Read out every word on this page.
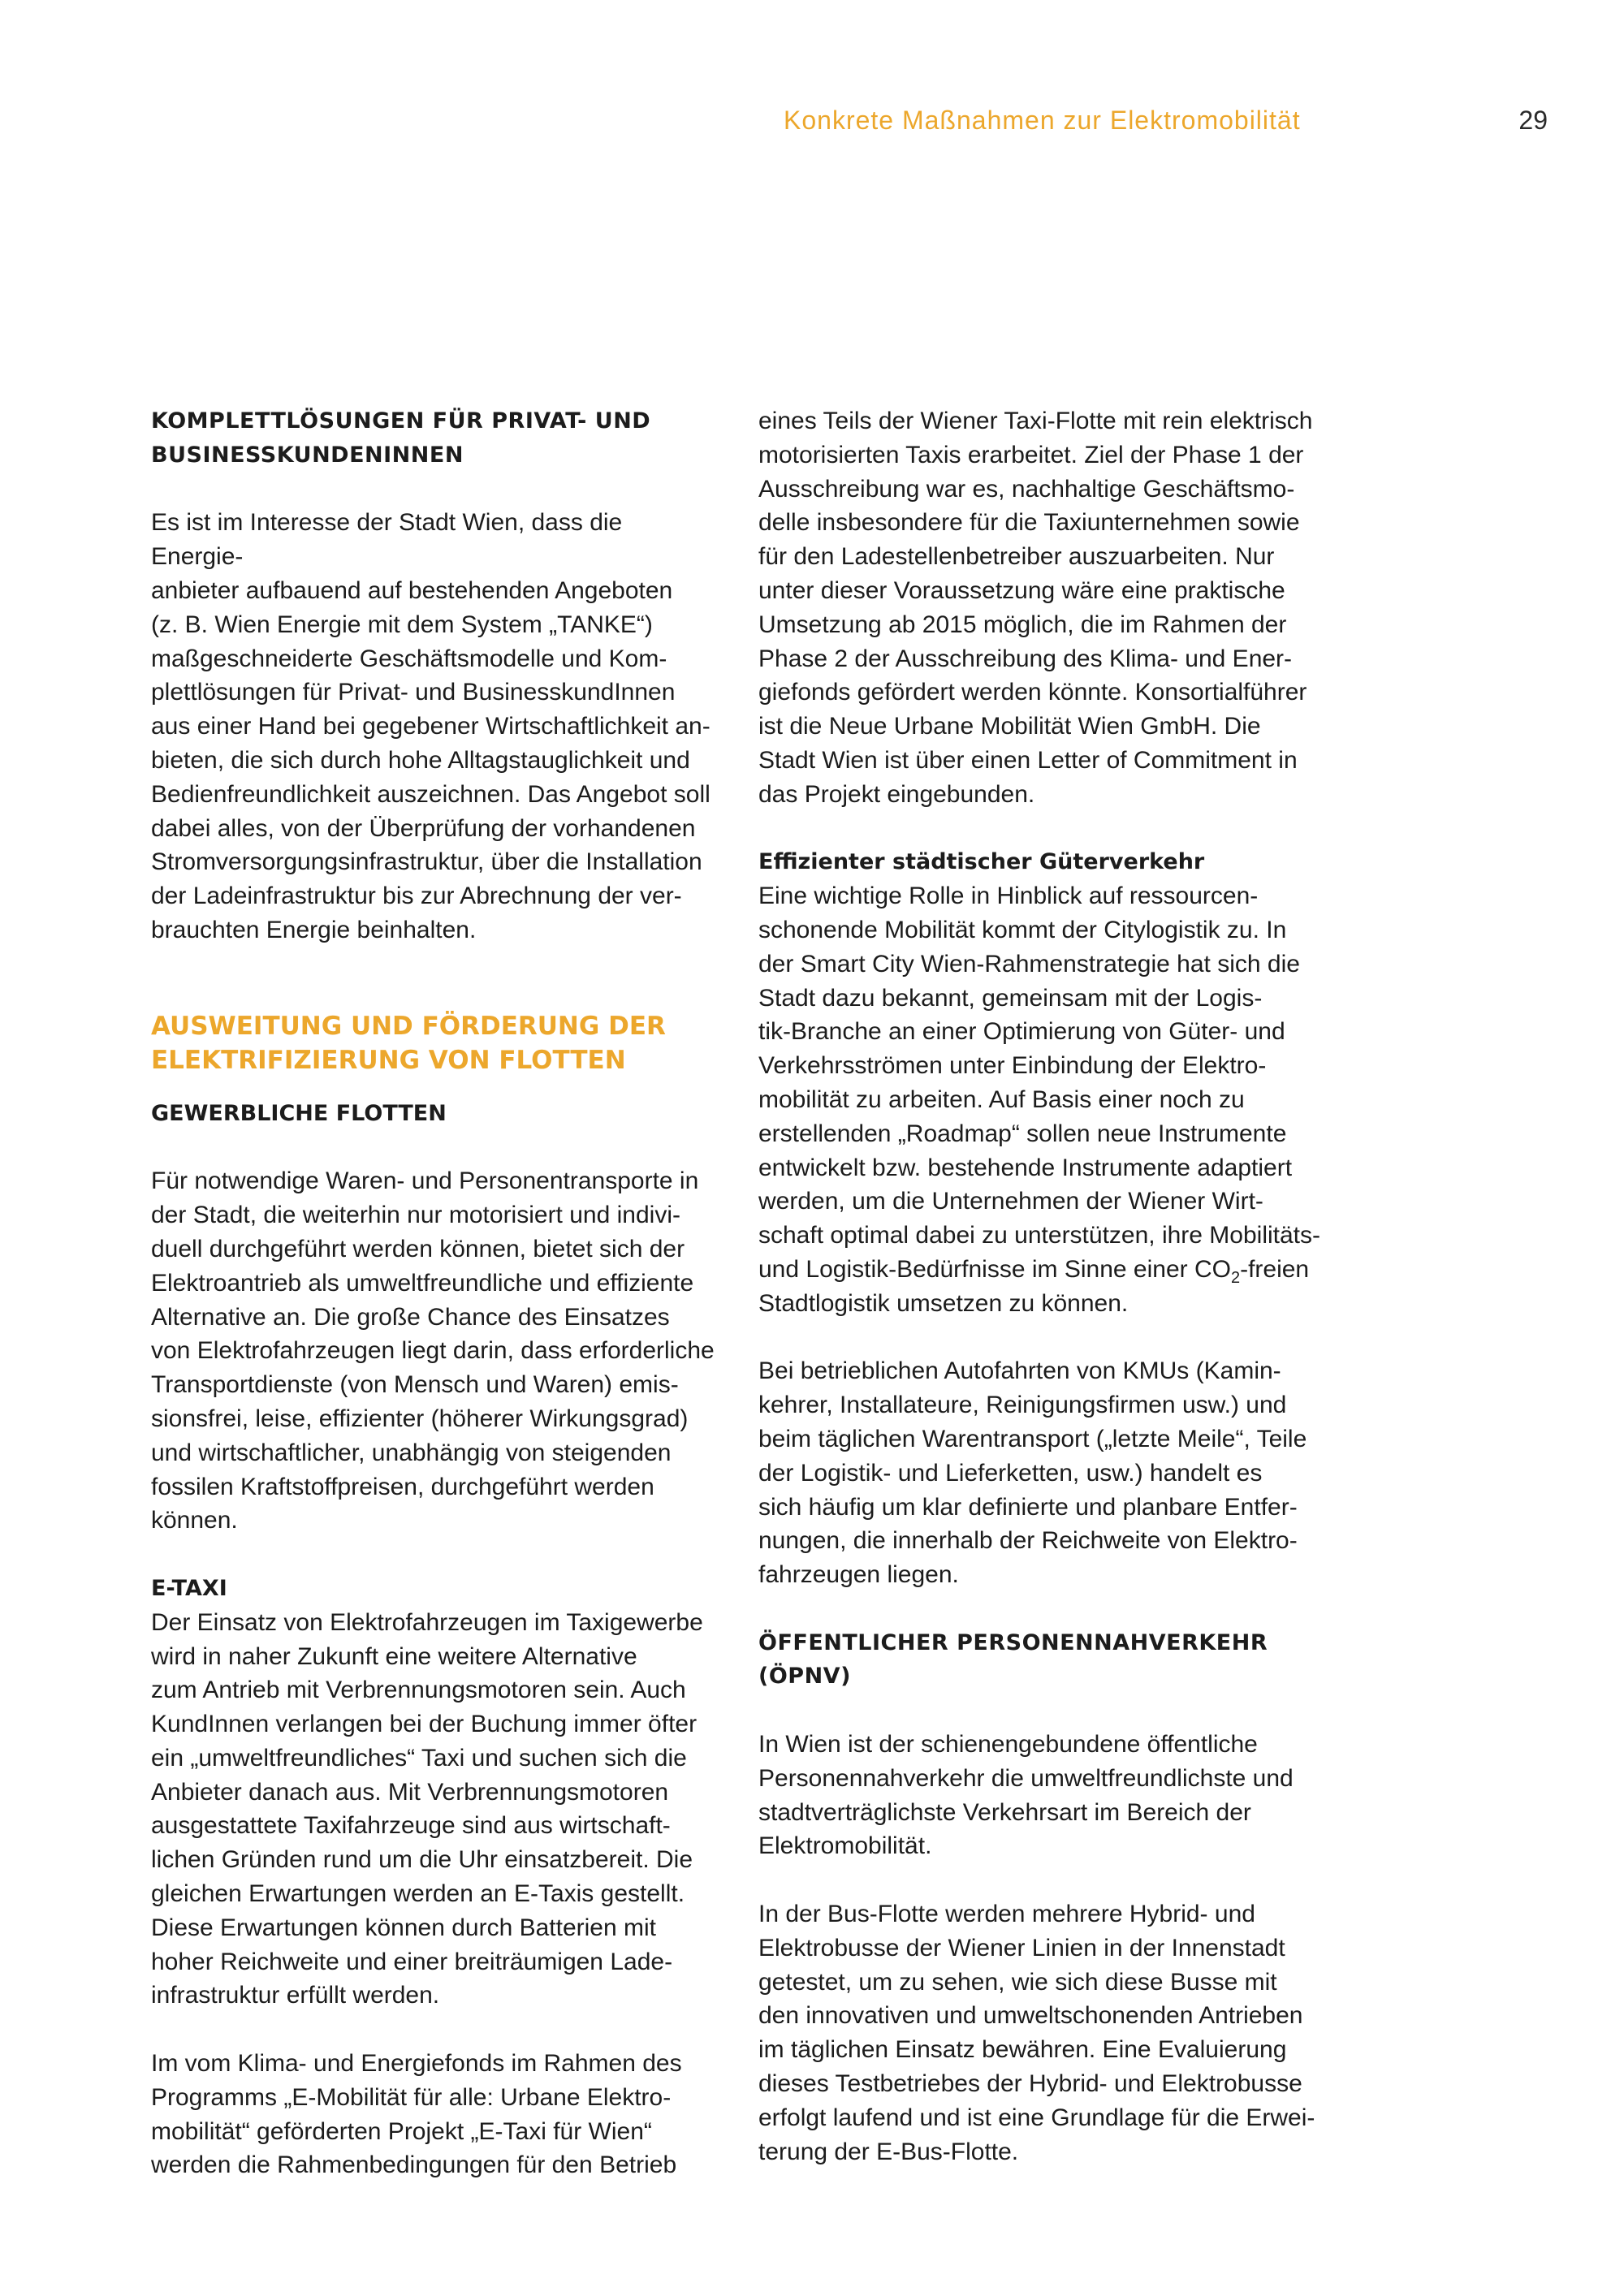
Konkrete Maßnahmen zur Elektromobilität	29
KOMPLETTLÖSUNGEN FÜR PRIVAT- UND
BUSINESSKUNDENINNEN

Es ist im Interesse der Stadt Wien, dass die Energie-
anbieter aufbauend auf bestehenden Angeboten
(z. B. Wien Energie mit dem System „TANKE“)
maßgeschneiderte Geschäftsmodelle und Kom-
plettlösungen für Privat- und BusinesskundInnen
aus einer Hand bei gegebener Wirtschaftlichkeit an-
bieten, die sich durch hohe Alltagstauglichkeit und
Bedienfreundlichkeit auszeichnen. Das Angebot soll
dabei alles, von der Überprüfung der vorhandenen
Stromversorgungsinfrastruktur, über die Installation
der Ladeinfrastruktur bis zur Abrechnung der ver-
brauchten Energie beinhalten.

AUSWEITUNG UND FÖRDERUNG DER
ELEKTRIFIZIERUNG VON FLOTTEN
GEWERBLICHE FLOTTEN

Für notwendige Waren- und Personentransporte in
der Stadt, die weiterhin nur motorisiert und indivi-
duell durchgeführt werden können, bietet sich der
Elektroantrieb als umweltfreundliche und effiziente
Alternative an. Die große Chance des Einsatzes
von Elektrofahrzeugen liegt darin, dass erforderliche
Transportdienste (von Mensch und Waren) emis-
sionsfrei, leise, effizienter (höherer Wirkungsgrad)
und wirtschaftlicher, unabhängig von steigenden
fossilen Kraftstoffpreisen, durchgeführt werden
können.

E-TAXI

Der Einsatz von Elektrofahrzeugen im Taxigewerbe
wird in naher Zukunft eine weitere Alternative
zum Antrieb mit Verbrennungsmotoren sein. Auch
KundInnen verlangen bei der Buchung immer öfter
ein „umweltfreundliches“ Taxi und suchen sich die
Anbieter danach aus. Mit Verbrennungsmotoren
ausgestattete Taxifahrzeuge sind aus wirtschaft-
lichen Gründen rund um die Uhr einsatzbereit. Die
gleichen Erwartungen werden an E-Taxis gestellt.
Diese Erwartungen können durch Batterien mit
hoher Reichweite und einer breiträumigen Lade-
infrastruktur erfüllt werden.

Im vom Klima- und Energiefonds im Rahmen des
Programms „E-Mobilität für alle: Urbane Elektro-
mobilität“ geförderten Projekt „E-Taxi für Wien“
werden die Rahmenbedingungen für den Betrieb

eines Teils der Wiener Taxi-Flotte mit rein elektrisch
motorisierten Taxis erarbeitet. Ziel der Phase 1 der
Ausschreibung war es, nachhaltige Geschäftsmo-
delle insbesondere für die Taxiunternehmen sowie
für den Ladestellenbetreiber auszuarbeiten. Nur
unter dieser Voraussetzung wäre eine praktische
Umsetzung ab 2015 möglich, die im Rahmen der
Phase 2 der Ausschreibung des Klima- und Ener-
giefonds gefördert werden könnte. Konsortialführer
ist die Neue Urbane Mobilität Wien GmbH. Die
Stadt Wien ist über einen Letter of Commitment in
das Projekt eingebunden.

Effizienter städtischer Güterverkehr

Eine wichtige Rolle in Hinblick auf ressourcen-
schonende Mobilität kommt der Citylogistik zu. In
der Smart City Wien-Rahmenstrategie hat sich die
Stadt dazu bekannt, gemeinsam mit der Logis-
tik-Branche an einer Optimierung von Güter- und
Verkehrsströmen unter Einbindung der Elektro-
mobilität zu arbeiten. Auf Basis einer noch zu
erstellenden „Roadmap“ sollen neue Instrumente
entwickelt bzw. bestehende Instrumente adaptiert
werden, um die Unternehmen der Wiener Wirt-
schaft optimal dabei zu unterstützen, ihre Mobilitäts-
und Logistik-Bedürfnisse im Sinne einer $CO_2$-freien
Stadtlogistik umsetzen zu können.

Bei betrieblichen Autofahrten von KMUs (Kamin-
kehrer, Installateure, Reinigungsfirmen usw.) und
beim täglichen Warentransport („letzte Meile“, Teile
der Logistik- und Lieferketten, usw.) handelt es
sich häufig um klar definierte und planbare Entfer-
nungen, die innerhalb der Reichweite von Elektro-
fahrzeugen liegen.

ÖFFENTLICHER PERSONENNAHVERKEHR
(ÖPNV)

In Wien ist der schienengebundene öffentliche
Personennahverkehr die umweltfreundlichste und
stadtverträglichste Verkehrsart im Bereich der
Elektromobilität.

In der Bus-Flotte werden mehrere Hybrid- und
Elektrobusse der Wiener Linien in der Innenstadt
getestet, um zu sehen, wie sich diese Busse mit
den innovativen und umweltschonenden Antrieben
im täglichen Einsatz bewähren. Eine Evaluierung
dieses Testbetriebes der Hybrid- und Elektrobusse
erfolgt laufend und ist eine Grundlage für die Erwei-
terung der E-Bus-Flotte.
